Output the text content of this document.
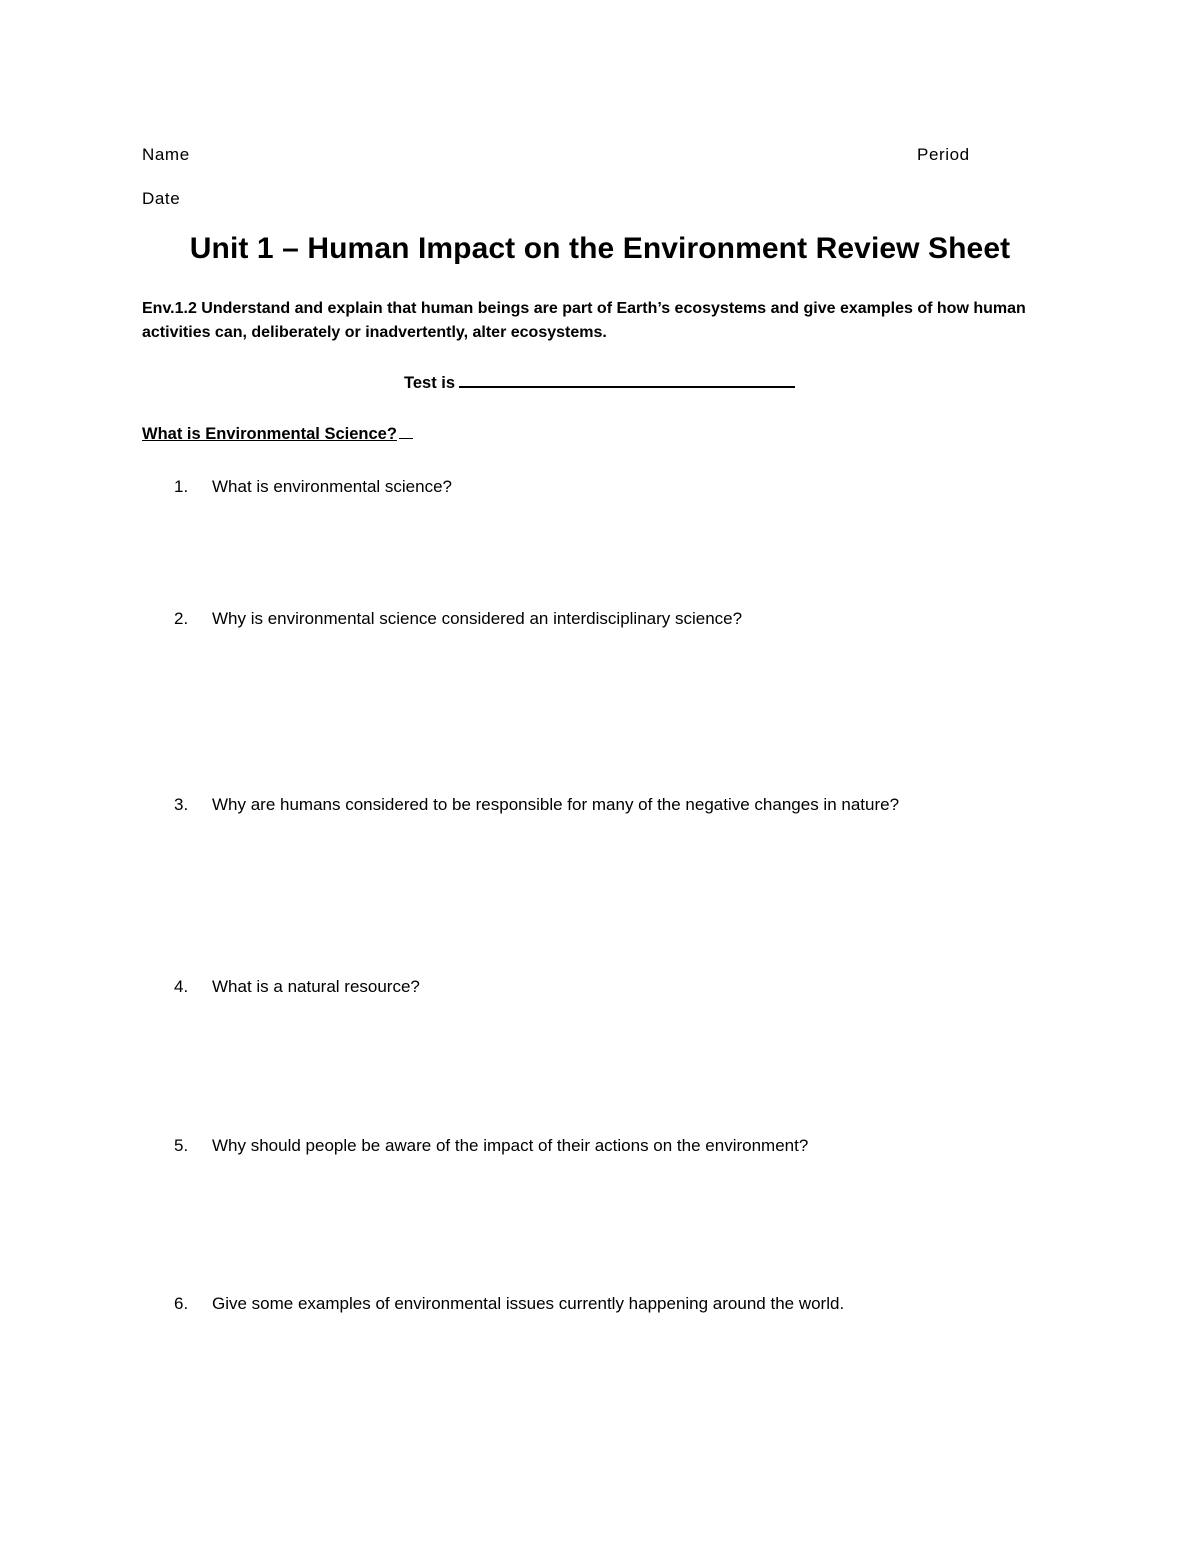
Name	Period
Date
Unit 1 – Human Impact on the Environment Review Sheet
Env.1.2 Understand and explain that human beings are part of Earth’s ecosystems and give examples of how human activities can, deliberately or inadvertently, alter ecosystems.
Test is
What is Environmental Science?
1. What is environmental science?
2. Why is environmental science considered an interdisciplinary science?
3. Why are humans considered to be responsible for many of the negative changes in nature?
4. What is a natural resource?
5. Why should people be aware of the impact of their actions on the environment?
6. Give some examples of environmental issues currently happening around the world.
